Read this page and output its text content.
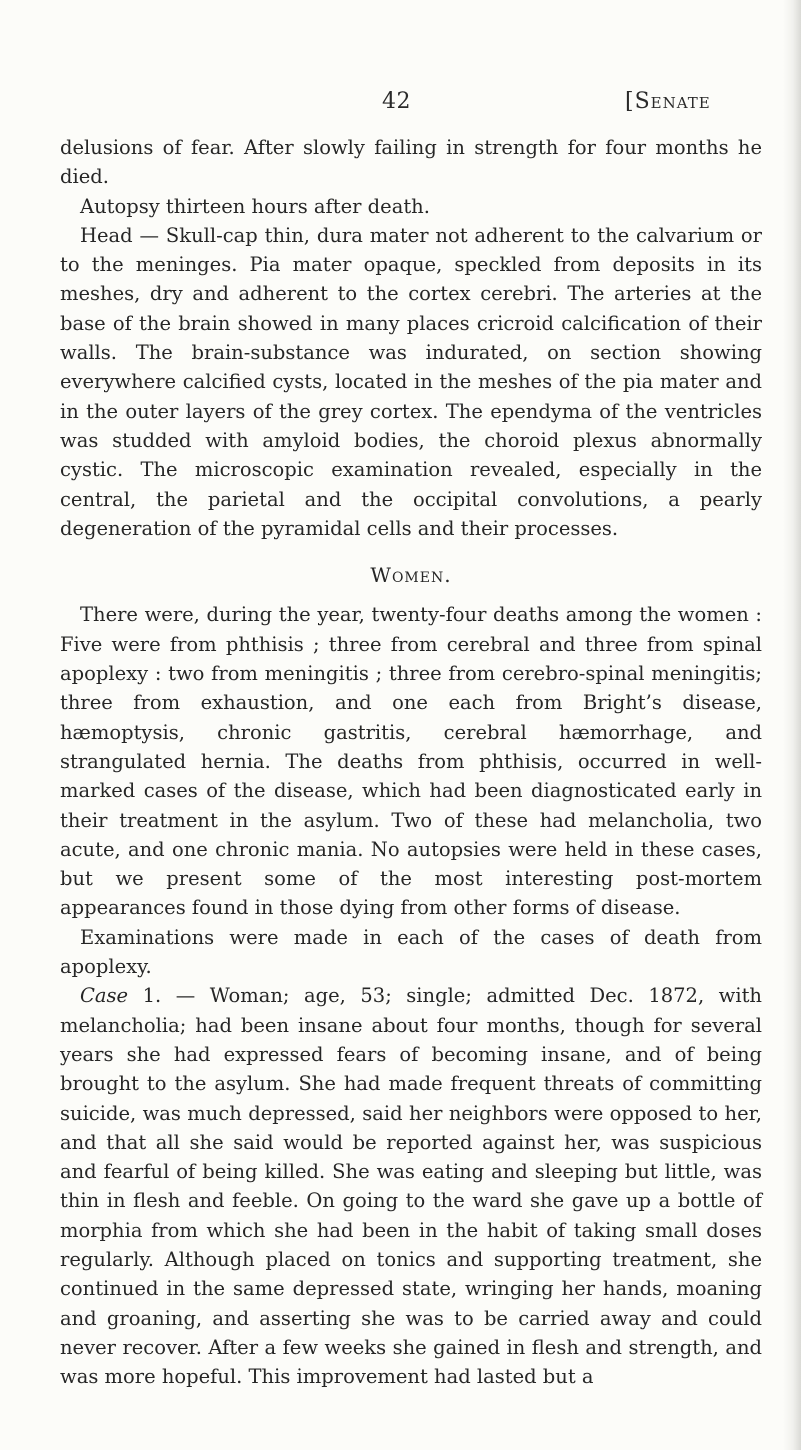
42	[Senate

delusions of fear. After slowly failing in strength for four months he died.

Autopsy thirteen hours after death.

Head — Skull-cap thin, dura mater not adherent to the calvarium or to the meninges. Pia mater opaque, speckled from deposits in its meshes, dry and adherent to the cortex cerebri. The arteries at the base of the brain showed in many places cricroid calcification of their walls. The brain-substance was indurated, on section showing everywhere calcified cysts, located in the meshes of the pia mater and in the outer layers of the grey cortex. The ependyma of the ventricles was studded with amyloid bodies, the choroid plexus abnormally cystic. The microscopic examination revealed, especially in the central, the parietal and the occipital convolutions, a pearly degeneration of the pyramidal cells and their processes.

Women.

There were, during the year, twenty-four deaths among the women : Five were from phthisis ; three from cerebral and three from spinal apoplexy : two from meningitis ; three from cerebro-spinal meningitis; three from exhaustion, and one each from Bright’s disease, hæmoptysis, chronic gastritis, cerebral hæmorrhage, and strangulated hernia. The deaths from phthisis, occurred in well-marked cases of the disease, which had been diagnosticated early in their treatment in the asylum. Two of these had melancholia, two acute, and one chronic mania. No autopsies were held in these cases, but we present some of the most interesting post-mortem appearances found in those dying from other forms of disease.

Examinations were made in each of the cases of death from apoplexy.

Case 1. — Woman; age, 53; single; admitted Dec. 1872, with melancholia; had been insane about four months, though for several years she had expressed fears of becoming insane, and of being brought to the asylum. She had made frequent threats of committing suicide, was much depressed, said her neighbors were opposed to her, and that all she said would be reported against her, was suspicious and fearful of being killed. She was eating and sleeping but little, was thin in flesh and feeble. On going to the ward she gave up a bottle of morphia from which she had been in the habit of taking small doses regularly. Although placed on tonics and supporting treatment, she continued in the same depressed state, wringing her hands, moaning and groaning, and asserting she was to be carried away and could never recover. After a few weeks she gained in flesh and strength, and was more hopeful. This improvement had lasted but a
